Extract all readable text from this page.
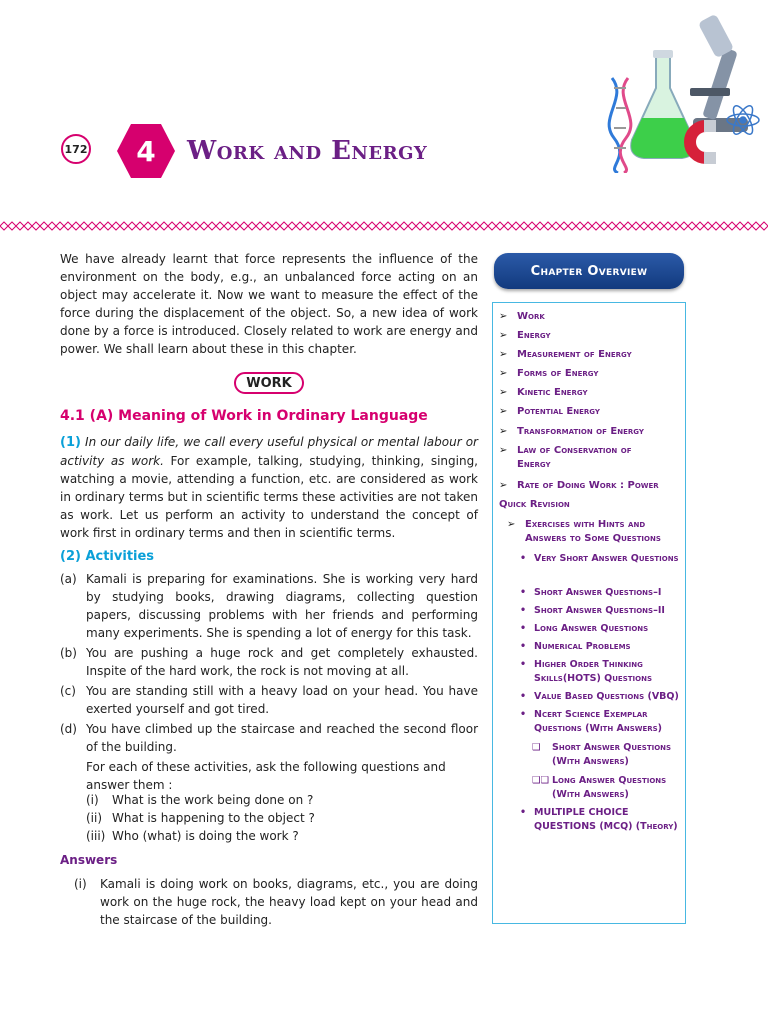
172	4	Work and Energy
We have already learnt that force represents the influence of the environment on the body, e.g., an unbalanced force acting on an object may accelerate it. Now we want to measure the effect of the force during the displacement of the object. So, a new idea of work done by a force is introduced. Closely related to work are energy and power. We shall learn about these in this chapter.
WORK
4.1 (A) Meaning of Work in Ordinary Language
(1) In our daily life, we call every useful physical or mental labour or activity as work. For example, talking, studying, thinking, singing, watching a movie, attending a function, etc. are considered as work in ordinary terms but in scientific terms these activities are not taken as work. Let us perform an activity to understand the concept of work first in ordinary terms and then in scientific terms.
(2) Activities
(a) Kamali is preparing for examinations. She is working very hard by studying books, drawing diagrams, collecting question papers, discussing problems with her friends and performing many experiments. She is spending a lot of energy for this task.
(b) You are pushing a huge rock and get completely exhausted. Inspite of the hard work, the rock is not moving at all.
(c) You are standing still with a heavy load on your head. You have exerted yourself and got tired.
(d) You have climbed up the staircase and reached the second floor of the building.
For each of these activities, ask the following questions and answer them :
(i)	What is the work being done on ?
(ii) What is happening to the object ?
(iii) Who (what) is doing the work ?
Answers
(i)	Kamali is doing work on books, diagrams, etc., you are doing work on the huge rock, the heavy load kept on your head and the staircase of the building.
Chapter Overview
➢ Work
➢ Energy
➢ Measurement of Energy
➢ Forms of Energy
➢ Kinetic Energy
➢ Potential Energy
➢ Transformation of Energy
➢ Law of Conservation of Energy
➢ Rate of Doing Work : Power
Quick Revision
➢ Exercises with Hints and Answers to Some Questions
• Very Short Answer Questions
• Short Answer Questions–I
• Short Answer Questions–II
• Long Answer Questions
• Numerical Problems
• Higher Order Thinking Skills(HOTS) Questions
• Value Based Questions (VBQ)
• Ncert Science Exemplar Questions (With Answers)
❑	Short Answer Questions (With Answers)
❑❑ Long Answer Questions (With Answers)
• MULTIPLE CHOICE QUESTIONS (MCQ) (Theory)
